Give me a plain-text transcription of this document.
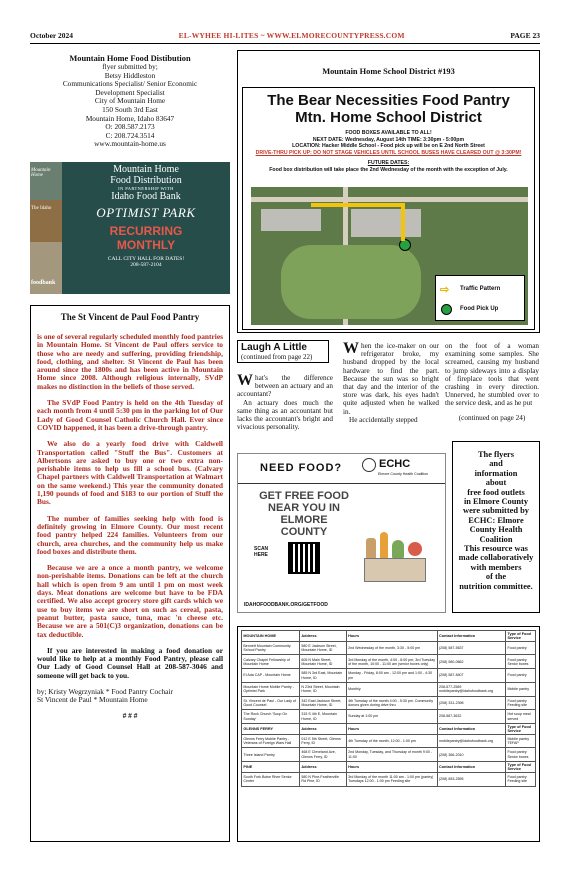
October 2024	EL-WYHEE HI-LITES ~ WWW.ELMORECOUNTYPRESS.COM	PAGE 23
Mountain Home Food Distibution
flyer submitted by;
Betsy Hiddleston
Communications Specialist/ Senior Economic
Development Specialist
City of Mountain Home
150 South 3rd East
Mountain Home, Idaho 83647
O: 208.587.2173
C: 208.724.3514
www.mountain-home.us
Mountain Home
The Idaho
foodbank
Mountain Home
Food Distribution
IN PARTNERSHIP WITH
Idaho Food Bank
OPTIMIST PARK
RECURRING
MONTHLY
CALL CITY HALL FOR DATES!
208-587-2104
The St Vincent de Paul Food Pantry

is one of several regularly scheduled monthly food pantries in Mountain Home. St Vincent de Paul offers service to those who are needy and suffering, providing friendship, food, clothing, and shelter. St Vincent de Paul has been around since the 1800s and has been active in Mountain Home since 2008. Although religious internally, SVdP makes no distinction in the beliefs of those served.

The SVdP Food Pantry is held on the 4th Tuesday of each month from 4 until 5:30 pm in the parking lot of Our Lady of Good Counsel Catholic Church Hall. Ever since COVID happened, it has been a drive-through pantry.

We also do a yearly food drive with Caldwell Transportation called "Stuff the Bus". Customers at Albertsons are asked to buy one or two extra non-perishable items to help us fill a school bus. (Calvary Chapel partners with Caldwell Transportation at Walmart on the same weekend.) This year the community donated 1,190 pounds of food and $183 to our portion of Stuff the Bus.

The number of families seeking help with food is definitely growing in Elmore County. Our most recent food pantry helped 224 families. Volunteers from our church, area churches, and the community help us make food boxes and distribute them.

Because we are a once a month pantry, we welcome non-perishable items. Donations can be left at the church hall which is open from 9 am until 1 pm on most week days. Meat donations are welcome but have to be FDA certified. We also accept grocery store gift cards which we use to buy items we are short on such as cereal, pasta, peanut butter, pasta sauce, tuna, mac 'n cheese etc. Because we are a 501(C)3 organization, donations can be tax deductible.

If you are interested in making a food donation or would like to help at a monthly Food Pantry, please call Our Lady of Good Counsel Hall at 208-587-3046 and someone will get back to you.

by; Kristy Wegrzyniak * Food Pantry Cochair
St Vincent de Paul * Mountain Home
# # #
Mountain Home School District #193
The Bear Necessities Food Pantry
Mtn. Home School District
FOOD BOXES AVAILABLE TO ALL!
NEXT DATE: Wednesday, August 14th TIME: 3:30pm - 5:00pm
LOCATION: Hacker Middle School - Food pick up will be on E 2nd North Street
DRIVE-THRU PICK UP: DO NOT STAGE VEHICLES UNTIL SCHOOL BUSES HAVE CLEARED OUT @ 3:30PM!
FUTURE DATES:
Food box distribution will take place the 2nd Wednesday of the month with the exception of July.
⇨ Traffic Pattern
Food Pick Up
Laugh A Little
(continued from page 22)
What's the difference between an actuary and an accountant?
An actuary does much the same thing as an accountant but lacks the accountant's bright and vivacious personality.
When the ice-maker on our refrigerator broke, my husband dropped by the local hardware to find the part. Because the sun was so bright that day and the interior of the store was dark, his eyes hadn't quite adjusted when he walked in.
He accidentally stepped
on the foot of a woman examining some samples. She screamed, causing my husband to jump sideways into a display of fireplace tools that went crashing in every direction. Unnerved, he stumbled over to the service desk, and as he put
(continued on page 24)
NEED FOOD?	ECHC
Elmore County Health Coalition
GET FREE FOOD
NEAR YOU IN
ELMORE
COUNTY
SCAN HERE
IDAHOFOODBANK.ORG/GETFOOD
The flyers
and
information
about
free food outlets
in Elmore County
were submitted by
ECHC: Elmore
County Health
Coalition
This resource was
made collaboratively
with members
of the
nutrition committee.
MOUNTAIN HOME	Address	Hours	Contact Information	Type of Food Service
Bennett Mountain Community School Pantry	580 E Jackson Street, Mountain Home, ID	2nd Wednesday of the month, 3:30 - 5:00 pm	(208) 587-5637	Food pantry
Calvary Chapel Fellowship of Mountain Home	605 N Main Street, Mountain Home, ID	3rd Monday of the month, 4:00 - 6:00 pm; 3rd Tuesday of the month, 10:00 - 11:00 am (senior boxes only)	(208) 580-0662	Food pantry Senior boxes
El Ada CAP - Mountain Home	585 N 3rd East, Mountain Home, ID	Monday - Friday, 8:00 am - 12:00 pm and 1:00 - 4:30 pm	(208) 587-8407	Food pantry
Mountain Home Mobile Pantry - Optimist Park	N 23rd Street, Mountain Home, ID	Monthly	208-577-2589 mobilepantry@idahofoodbank.org	Mobile pantry
St. Vincent de Paul - Our Lady of Good Counsel	342 East Jackson Street, Mountain Home, ID	4th Tuesday of the month 4:00 - 5:30 pm. Community donors given during drive thru	(208) 331-2398	Food pantry Feeding site
The Rock Church 'Soup On Sunday'	315 S 4th E, Mountain Home, ID	Sunday at 1:00 pm	208-587-3632	Hot soup meal served
GLENNS FERRY	Address	Hours	Contact Information	Type of Food Service
Glenns Ferry Mobile Pantry - Veterans of Foreign Wars Hall	012 E 5th Street, Glenns Ferry, ID	4th Tuesday of the month, 12:00 - 1:00 pm	mobilepantry@idahofoodbank.org	Mobile pantry TEFAP
Three Island Pantry	468 E Cleveland Ave, Glenns Ferry, ID	2nd Monday, Tuesday, and Thursday of month 9:00 - 11:00	(208) 366-2010	Food pantry Senior boxes
PINE	Address	Hours	Contact Information	Type of Food Service
South Fork Boise River Senior Center	580 N Pine-Featherville Rd Pine, ID	3rd Monday of the month 11:00 am - 1:00 pm (pantry) Tuesdays 12:00 - 1:00 pm Feeding site	(208) 653-2595	Food pantry Feeding site
